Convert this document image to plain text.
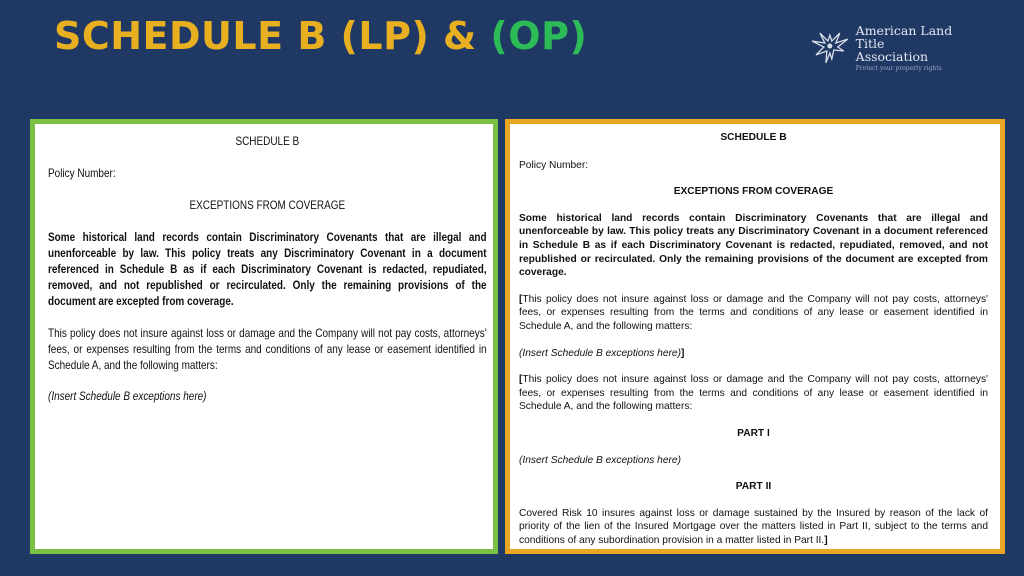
SCHEDULE B (LP) & (OP)	American Land
Title Association
Protect your property rights

SCHEDULE B

Policy Number:

EXCEPTIONS FROM COVERAGE

Some historical land records contain Discriminatory Covenants that are illegal and unenforceable by law. This policy treats any Discriminatory Covenant in a document referenced in Schedule B as if each Discriminatory Covenant is redacted, repudiated, removed, and not republished or recirculated. Only the remaining provisions of the document are excepted from coverage.

This policy does not insure against loss or damage and the Company will not pay costs, attorneys' fees, or expenses resulting from the terms and conditions of any lease or easement identified in Schedule A, and the following matters:

(Insert Schedule B exceptions here)

SCHEDULE B

Policy Number:

EXCEPTIONS FROM COVERAGE

Some historical land records contain Discriminatory Covenants that are illegal and unenforceable by law. This policy treats any Discriminatory Covenant in a document referenced in Schedule B as if each Discriminatory Covenant is redacted, repudiated, removed, and not republished or recirculated. Only the remaining provisions of the document are excepted from coverage.

[This policy does not insure against loss or damage and the Company will not pay costs, attorneys' fees, or expenses resulting from the terms and conditions of any lease or easement identified in Schedule A, and the following matters:

(Insert Schedule B exceptions here)]

[This policy does not insure against loss or damage and the Company will not pay costs, attorneys' fees, or expenses resulting from the terms and conditions of any lease or easement identified in Schedule A, and the following matters:

PART I

(Insert Schedule B exceptions here)

PART II

Covered Risk 10 insures against loss or damage sustained by the Insured by reason of the lack of priority of the lien of the Insured Mortgage over the matters listed in Part II, subject to the terms and conditions of any subordination provision in a matter listed in Part II.]
